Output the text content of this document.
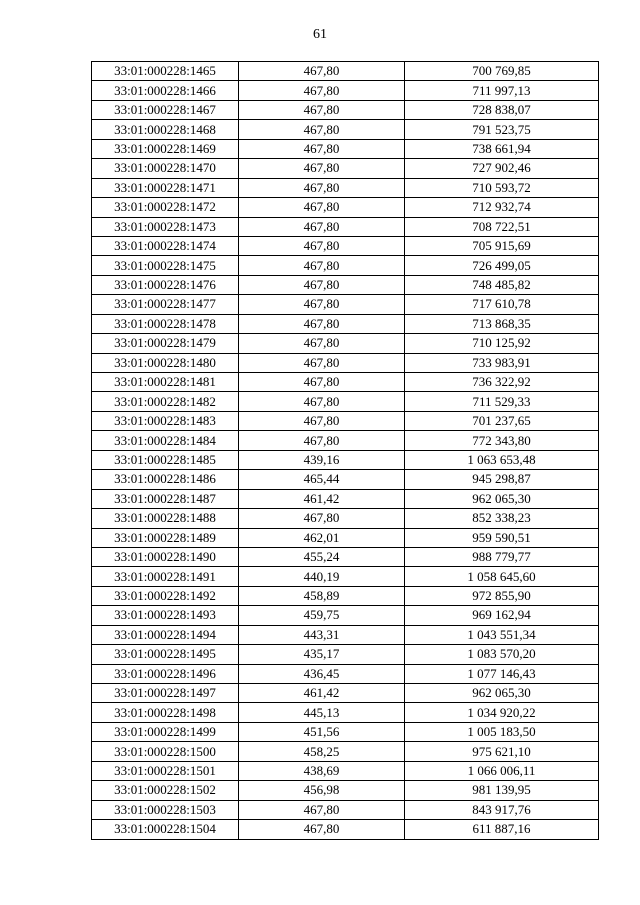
61
33:01:000228:1465	467,80	700 769,85
33:01:000228:1466	467,80	711 997,13
33:01:000228:1467	467,80	728 838,07
33:01:000228:1468	467,80	791 523,75
33:01:000228:1469	467,80	738 661,94
33:01:000228:1470	467,80	727 902,46
33:01:000228:1471	467,80	710 593,72
33:01:000228:1472	467,80	712 932,74
33:01:000228:1473	467,80	708 722,51
33:01:000228:1474	467,80	705 915,69
33:01:000228:1475	467,80	726 499,05
33:01:000228:1476	467,80	748 485,82
33:01:000228:1477	467,80	717 610,78
33:01:000228:1478	467,80	713 868,35
33:01:000228:1479	467,80	710 125,92
33:01:000228:1480	467,80	733 983,91
33:01:000228:1481	467,80	736 322,92
33:01:000228:1482	467,80	711 529,33
33:01:000228:1483	467,80	701 237,65
33:01:000228:1484	467,80	772 343,80
33:01:000228:1485	439,16	1 063 653,48
33:01:000228:1486	465,44	945 298,87
33:01:000228:1487	461,42	962 065,30
33:01:000228:1488	467,80	852 338,23
33:01:000228:1489	462,01	959 590,51
33:01:000228:1490	455,24	988 779,77
33:01:000228:1491	440,19	1 058 645,60
33:01:000228:1492	458,89	972 855,90
33:01:000228:1493	459,75	969 162,94
33:01:000228:1494	443,31	1 043 551,34
33:01:000228:1495	435,17	1 083 570,20
33:01:000228:1496	436,45	1 077 146,43
33:01:000228:1497	461,42	962 065,30
33:01:000228:1498	445,13	1 034 920,22
33:01:000228:1499	451,56	1 005 183,50
33:01:000228:1500	458,25	975 621,10
33:01:000228:1501	438,69	1 066 006,11
33:01:000228:1502	456,98	981 139,95
33:01:000228:1503	467,80	843 917,76
33:01:000228:1504	467,80	611 887,16
